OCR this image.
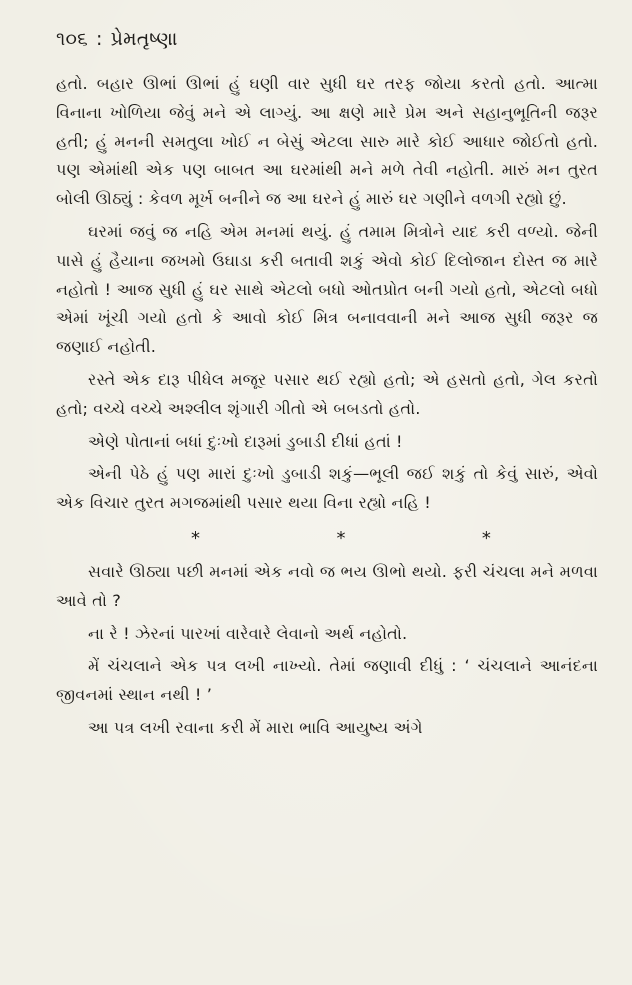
૧૦૬ : પ્રેમતૃષ્ણા

હતો. બહાર ઊભાં ઊભાં હું ઘણી વાર સુધી ઘર તરફ જોયા કરતો હતો. આત્મા વિનાના ખોળિયા જેવું મને એ લાગ્યું. આ ક્ષણે મારે પ્રેમ અને સહાનુભૂતિની જરૂર હતી; હું મનની સમતુલા ખોઈ ન બેસું એટલા સારુ મારે કોઈ આધાર જોઈતો હતો. પણ એમાંથી એક પણ બાબત આ ઘરમાંથી મને મળે તેવી નહોતી. મારું મન તુરત બોલી ઊઠ્યું : કેવળ મૂર્ખ બનીને જ આ ઘરને હું મારું ઘર ગણીને વળગી રહ્યો છું.

ઘરમાં જવું જ નહિ એમ મનમાં થયું. હું તમામ મિત્રોને યાદ કરી વળ્યો. જેની પાસે હું હૈયાના જખમો ઉઘાડા કરી બતાવી શકું એવો કોઈ દિલોજાન દોસ્ત જ મારે નહોતો ! આજ સુધી હું ઘર સાથે એટલો બધો ઓતપ્રોત બની ગયો હતો, એટલો બધો એમાં ખૂંચી ગયો હતો કે આવો કોઈ મિત્ર બનાવવાની મને આજ સુધી જરૂર જ જણાઈ નહોતી.

રસ્તે એક દારૂ પીધેલ મજૂર પસાર થઈ રહ્યો હતો; એ હસતો હતો, ગેલ કરતો હતો; વચ્ચે વચ્ચે અશ્લીલ શૃંગારી ગીતો એ બબડતો હતો.

એણે પોતાનાં બધાં દુઃખો દારૂમાં ડુબાડી દીધાં હતાં !

એની પેઠે હું પણ મારાં દુઃખો ડુબાડી શકું—ભૂલી જઈ શકું તો કેવું સારું, એવો એક વિચાર તુરત મગજમાંથી પસાર થયા વિના રહ્યો નહિ !

*	*	*

સવારે ઊઠ્યા પછી મનમાં એક નવો જ ભય ઊભો થયો. ફરી ચંચલા મને મળવા આવે તો ?

ના રે ! ઝેરનાં પારખાં વારેવારે લેવાનો અર્થ નહોતો.

મેં ચંચલાને એક પત્ર લખી નાખ્યો. તેમાં જણાવી દીધું : ‘ ચંચલાને આનંદના જીવનમાં સ્થાન નથી ! ’

આ પત્ર લખી રવાના કરી મેં મારા ભાવિ આયુષ્ય અંગે
